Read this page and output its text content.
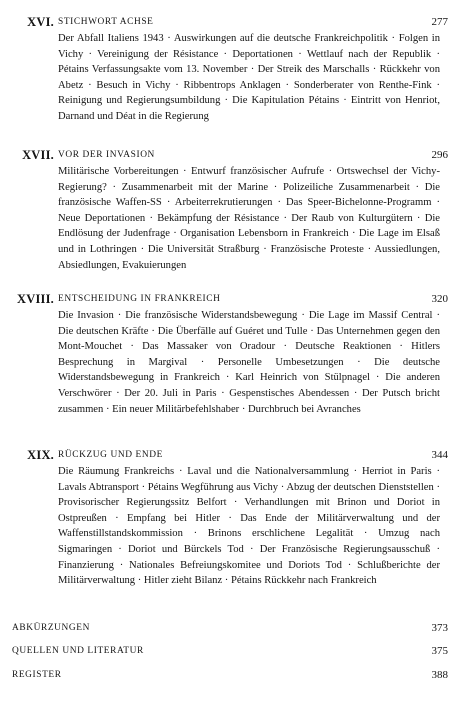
XVI. STICHWORT ACHSE	277
Der Abfall Italiens 1943 · Auswirkungen auf die deutsche Frankreichpolitik · Folgen in Vichy · Vereinigung der Résistance · Deportationen · Wettlauf nach der Republik · Pétains Verfassungsakte vom 13. November · Der Streik des Marschalls · Rückkehr von Abetz · Besuch in Vichy · Ribbentrops Anklagen · Sonderberater von Renthe-Fink · Reinigung und Regierungsumbildung · Die Kapitulation Pétains · Eintritt von Henriot, Darnand und Déat in die Regierung
XVII. VOR DER INVASION	296
Militärische Vorbereitungen · Entwurf französischer Aufrufe · Ortswechsel der Vichy-Regierung? · Zusammenarbeit mit der Marine · Polizeiliche Zusammenarbeit · Die französische Waffen-SS · Arbeiterrekrutierungen · Das Speer-Bichelonne-Programm · Neue Deportationen · Bekämpfung der Résistance · Der Raub von Kulturgütern · Die Endlösung der Judenfrage · Organisation Lebensborn in Frankreich · Die Lage im Elsaß und in Lothringen · Die Universität Straßburg · Französische Proteste · Aussiedlungen, Absiedlungen, Evakuierungen
XVIII. ENTSCHEIDUNG IN FRANKREICH	320
Die Invasion · Die französische Widerstandsbewegung · Die Lage im Massif Central · Die deutschen Kräfte · Die Überfälle auf Guéret und Tulle · Das Unternehmen gegen den Mont-Mouchet · Das Massaker von Oradour · Deutsche Reaktionen · Hitlers Besprechung in Margival · Personelle Umbesetzungen · Die deutsche Widerstandsbewegung in Frankreich · Karl Heinrich von Stülpnagel · Die anderen Verschwörer · Der 20. Juli in Paris · Gespenstisches Abendessen · Der Putsch bricht zusammen · Ein neuer Militärbefehlshaber · Durchbruch bei Avranches
XIX. RÜCKZUG UND ENDE	344
Die Räumung Frankreichs · Laval und die Nationalversammlung · Herriot in Paris · Lavals Abtransport · Pétains Wegführung aus Vichy · Abzug der deutschen Dienststellen · Provisorischer Regierungssitz Belfort · Verhandlungen mit Brinon und Doriot in Ostpreußen · Empfang bei Hitler · Das Ende der Militärverwaltung und der Waffenstillstandskommission · Brinons erschlichene Legalität · Umzug nach Sigmaringen · Doriot und Bürckels Tod · Der Französische Regierungsausschuß · Finanzierung · Nationales Befreiungskomitee und Doriots Tod · Schlußberichte der Militärverwaltung · Hitler zieht Bilanz · Pétains Rückkehr nach Frankreich
ABKÜRZUNGEN	373
QUELLEN UND LITERATUR	375
REGISTER	388
